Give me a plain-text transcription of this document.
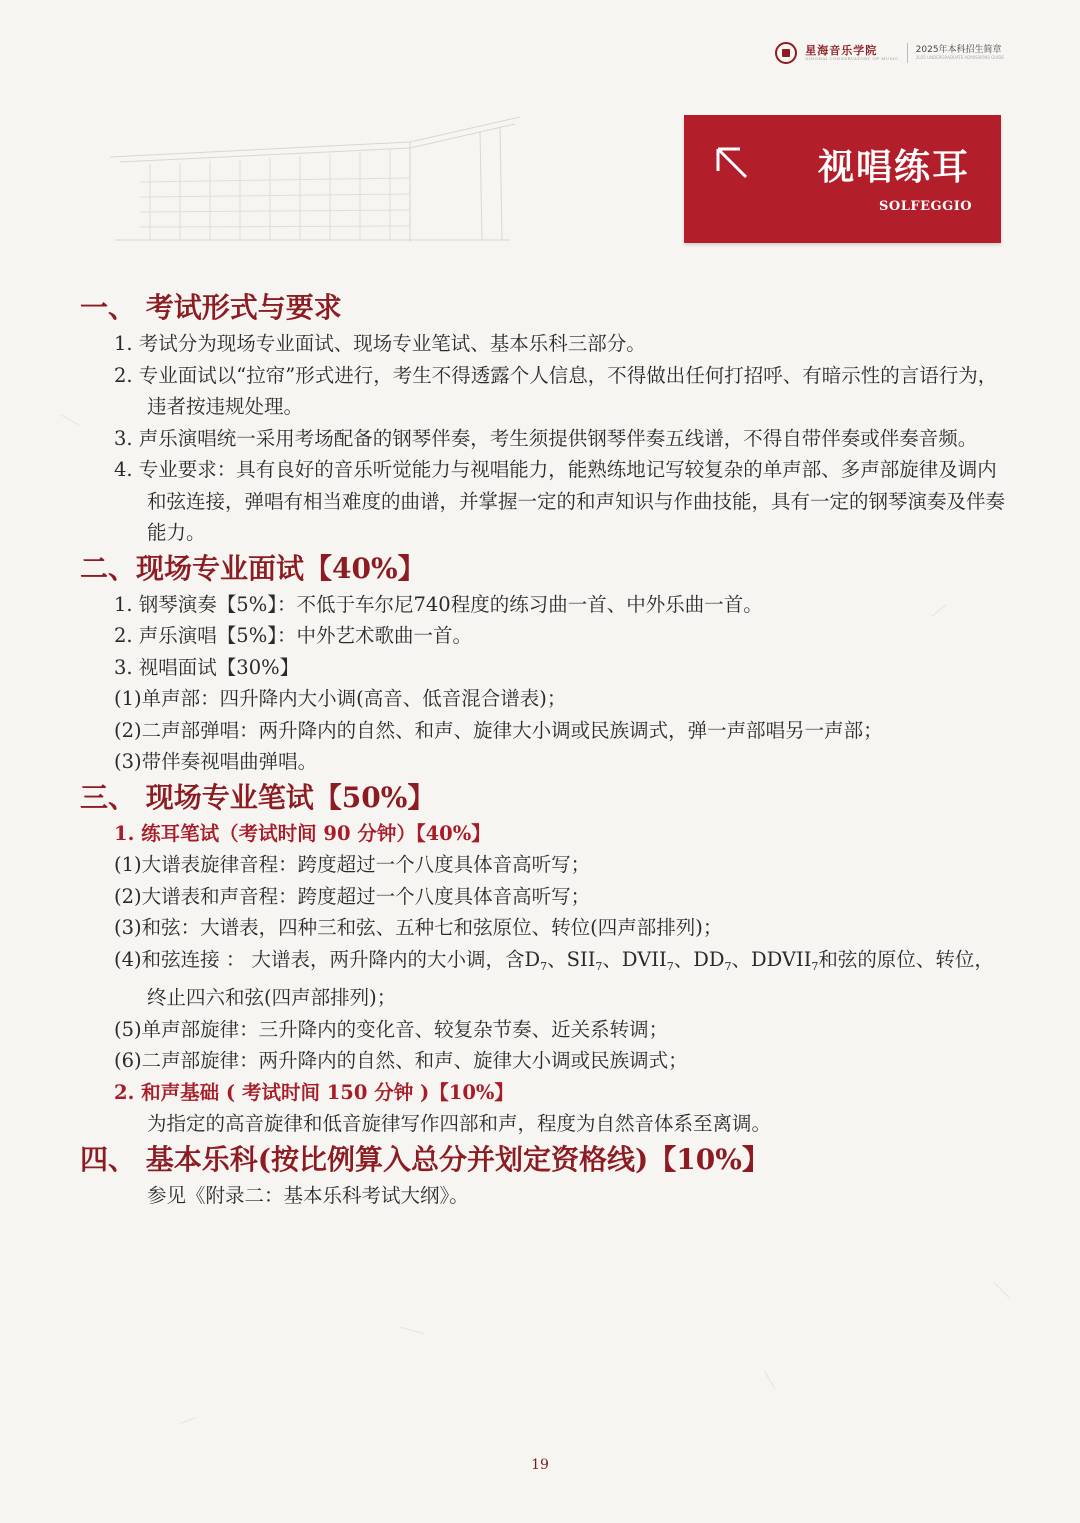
星海音乐学院
XINGHAI CONSERVATORY OF MUSIC
2025年本科招生简章
2025 UNDERGRADUATE ADMISSIONS GUIDE
视唱练耳
SOLFEGGIO
一、 考试形式与要求
1. 考试分为现场专业面试、现场专业笔试、基本乐科三部分。
2. 专业面试以“拉帘”形式进行，考生不得透露个人信息，不得做出任何打招呼、有暗示性的言语行为，违者按违规处理。
3. 声乐演唱统一采用考场配备的钢琴伴奏，考生须提供钢琴伴奏五线谱，不得自带伴奏或伴奏音频。
4. 专业要求：具有良好的音乐听觉能力与视唱能力，能熟练地记写较复杂的单声部、多声部旋律及调内和弦连接，弹唱有相当难度的曲谱，并掌握一定的和声知识与作曲技能，具有一定的钢琴演奏及伴奏能力。
二、现场专业面试【40%】
1. 钢琴演奏【5%】：不低于车尔尼740程度的练习曲一首、中外乐曲一首。
2. 声乐演唱【5%】：中外艺术歌曲一首。
3. 视唱面试【30%】
(1)单声部：四升降内大小调(高音、低音混合谱表)；
(2)二声部弹唱：两升降内的自然、和声、旋律大小调或民族调式，弹一声部唱另一声部；
(3)带伴奏视唱曲弹唱。
三、 现场专业笔试【50%】
1. 练耳笔试（考试时间 90 分钟）【40%】
(1)大谱表旋律音程：跨度超过一个八度具体音高听写；
(2)大谱表和声音程：跨度超过一个八度具体音高听写；
(3)和弦：大谱表，四种三和弦、五种七和弦原位、转位(四声部排列)；
(4)和弦连接 ： 大谱表，两升降内的大小调，含$D_7$、$SII_7$、$DVII_7$、$DD_7$、$DDVII_7$和弦的原位、转位，终止四六和弦(四声部排列)；
(5)单声部旋律：三升降内的变化音、较复杂节奏、近关系转调；
(6)二声部旋律：两升降内的自然、和声、旋律大小调或民族调式；
2. 和声基础 ( 考试时间 150 分钟 )【10%】
为指定的高音旋律和低音旋律写作四部和声，程度为自然音体系至离调。
四、 基本乐科(按比例算入总分并划定资格线)【10%】
参见《附录二：基本乐科考试大纲》。
19
